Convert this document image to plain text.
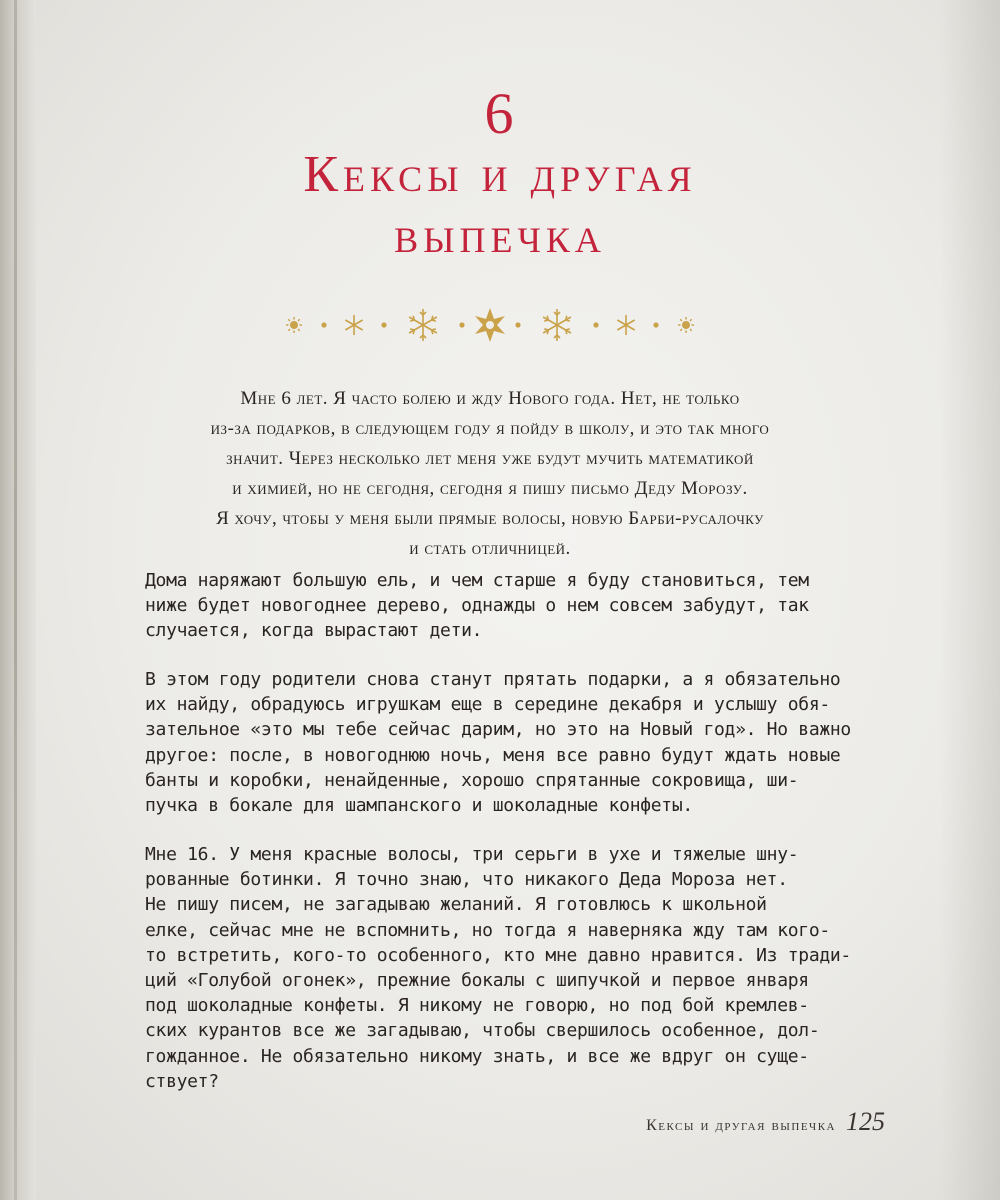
6
Кексы и другая
выпечка
Мне 6 лет. Я часто болею и жду Нового года. Нет, не только
из-за подарков, в следующем году я пойду в школу, и это так много
значит. Через несколько лет меня уже будут мучить математикой
и химией, но не сегодня, сегодня я пишу письмо Деду Морозу.
Я хочу, чтобы у меня были прямые волосы, новую Барби-русалочку
и стать отличницей.
Дома наряжают большую ель, и чем старше я буду становиться, тем
ниже будет новогоднее дерево, однажды о нем совсем забудут, так
случается, когда вырастают дети.
В этом году родители снова станут прятать подарки, а я обязательно
их найду, обрадуюсь игрушкам еще в середине декабря и услышу обя-
зательное «это мы тебе сейчас дарим, но это на Новый год». Но важно
другое: после, в новогоднюю ночь, меня все равно будут ждать новые
банты и коробки, ненайденные, хорошо спрятанные сокровища, ши-
пучка в бокале для шампанского и шоколадные конфеты.
Мне 16. У меня красные волосы, три серьги в ухе и тяжелые шну-
рованные ботинки. Я точно знаю, что никакого Деда Мороза нет.
Не пишу писем, не загадываю желаний. Я готовлюсь к школьной
елке, сейчас мне не вспомнить, но тогда я наверняка жду там кого-
то встретить, кого-то особенного, кто мне давно нравится. Из тради-
ций «Голубой огонек», прежние бокалы с шипучкой и первое января
под шоколадные конфеты. Я никому не говорю, но под бой кремлев-
ских курантов все же загадываю, чтобы свершилось особенное, дол-
гожданное. Не обязательно никому знать, и все же вдруг он суще-
ствует?
Кексы и другая выпечка 125
